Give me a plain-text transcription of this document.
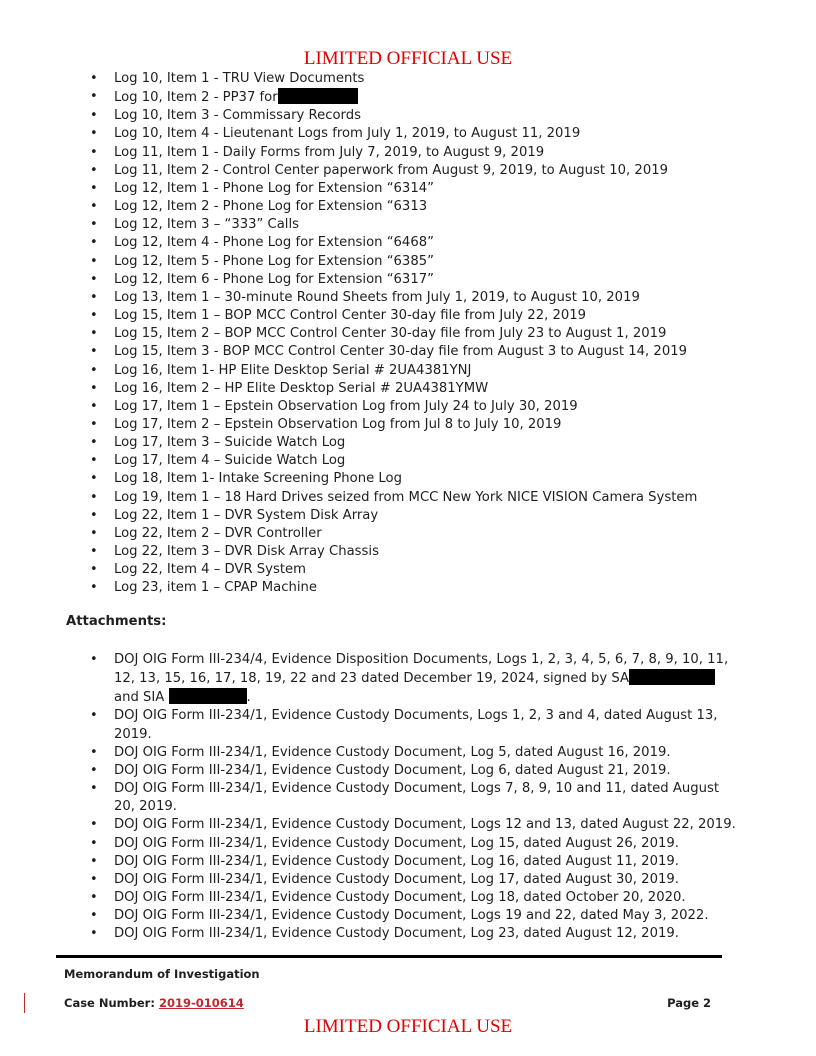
LIMITED OFFICIAL USE
• Log 10, Item 1 - TRU View Documents
• Log 10, Item 2 - PP37 for
• Log 10, Item 3 - Commissary Records
• Log 10, Item 4 - Lieutenant Logs from July 1, 2019, to August 11, 2019
• Log 11, Item 1 - Daily Forms from July 7, 2019, to August 9, 2019
• Log 11, Item 2 - Control Center paperwork from August 9, 2019, to August 10, 2019
• Log 12, Item 1 - Phone Log for Extension “6314”
• Log 12, Item 2 - Phone Log for Extension “6313
• Log 12, Item 3 – “333” Calls
• Log 12, Item 4 - Phone Log for Extension “6468”
• Log 12, Item 5 - Phone Log for Extension “6385”
• Log 12, Item 6 - Phone Log for Extension “6317”
• Log 13, Item 1 – 30-minute Round Sheets from July 1, 2019, to August 10, 2019
• Log 15, Item 1 – BOP MCC Control Center 30-day file from July 22, 2019
• Log 15, Item 2 – BOP MCC Control Center 30-day file from July 23 to August 1, 2019
• Log 15, Item 3 - BOP MCC Control Center 30-day file from August 3 to August 14, 2019
• Log 16, Item 1- HP Elite Desktop Serial # 2UA4381YNJ
• Log 16, Item 2 – HP Elite Desktop Serial # 2UA4381YMW
• Log 17, Item 1 – Epstein Observation Log from July 24 to July 30, 2019
• Log 17, Item 2 – Epstein Observation Log from Jul 8 to July 10, 2019
• Log 17, Item 3 – Suicide Watch Log
• Log 17, Item 4 – Suicide Watch Log
• Log 18, Item 1- Intake Screening Phone Log
• Log 19, Item 1 – 18 Hard Drives seized from MCC New York NICE VISION Camera System
• Log 22, Item 1 – DVR System Disk Array
• Log 22, Item 2 – DVR Controller
• Log 22, Item 3 – DVR Disk Array Chassis
• Log 22, Item 4 – DVR System
• Log 23, item 1 – CPAP Machine
Attachments:
• DOJ OIG Form III-234/4, Evidence Disposition Documents, Logs 1, 2, 3, 4, 5, 6, 7, 8, 9, 10, 11, 12, 13, 15, 16, 17, 18, 19, 22 and 23 dated December 19, 2024, signed by SA and SIA	.
• DOJ OIG Form III-234/1, Evidence Custody Documents, Logs 1, 2, 3 and 4, dated August 13, 2019.
• DOJ OIG Form III-234/1, Evidence Custody Document, Log 5, dated August 16, 2019.
• DOJ OIG Form III-234/1, Evidence Custody Document, Log 6, dated August 21, 2019.
• DOJ OIG Form III-234/1, Evidence Custody Document, Logs 7, 8, 9, 10 and 11, dated August 20, 2019.
• DOJ OIG Form III-234/1, Evidence Custody Document, Logs 12 and 13, dated August 22, 2019.
• DOJ OIG Form III-234/1, Evidence Custody Document, Log 15, dated August 26, 2019.
• DOJ OIG Form III-234/1, Evidence Custody Document, Log 16, dated August 11, 2019.
• DOJ OIG Form III-234/1, Evidence Custody Document, Log 17, dated August 30, 2019.
• DOJ OIG Form III-234/1, Evidence Custody Document, Log 18, dated October 20, 2020.
• DOJ OIG Form III-234/1, Evidence Custody Document, Logs 19 and 22, dated May 3, 2022.
• DOJ OIG Form III-234/1, Evidence Custody Document, Log 23, dated August 12, 2019.
Memorandum of Investigation
Case Number: 2019-010614	Page 2
LIMITED OFFICIAL USE
